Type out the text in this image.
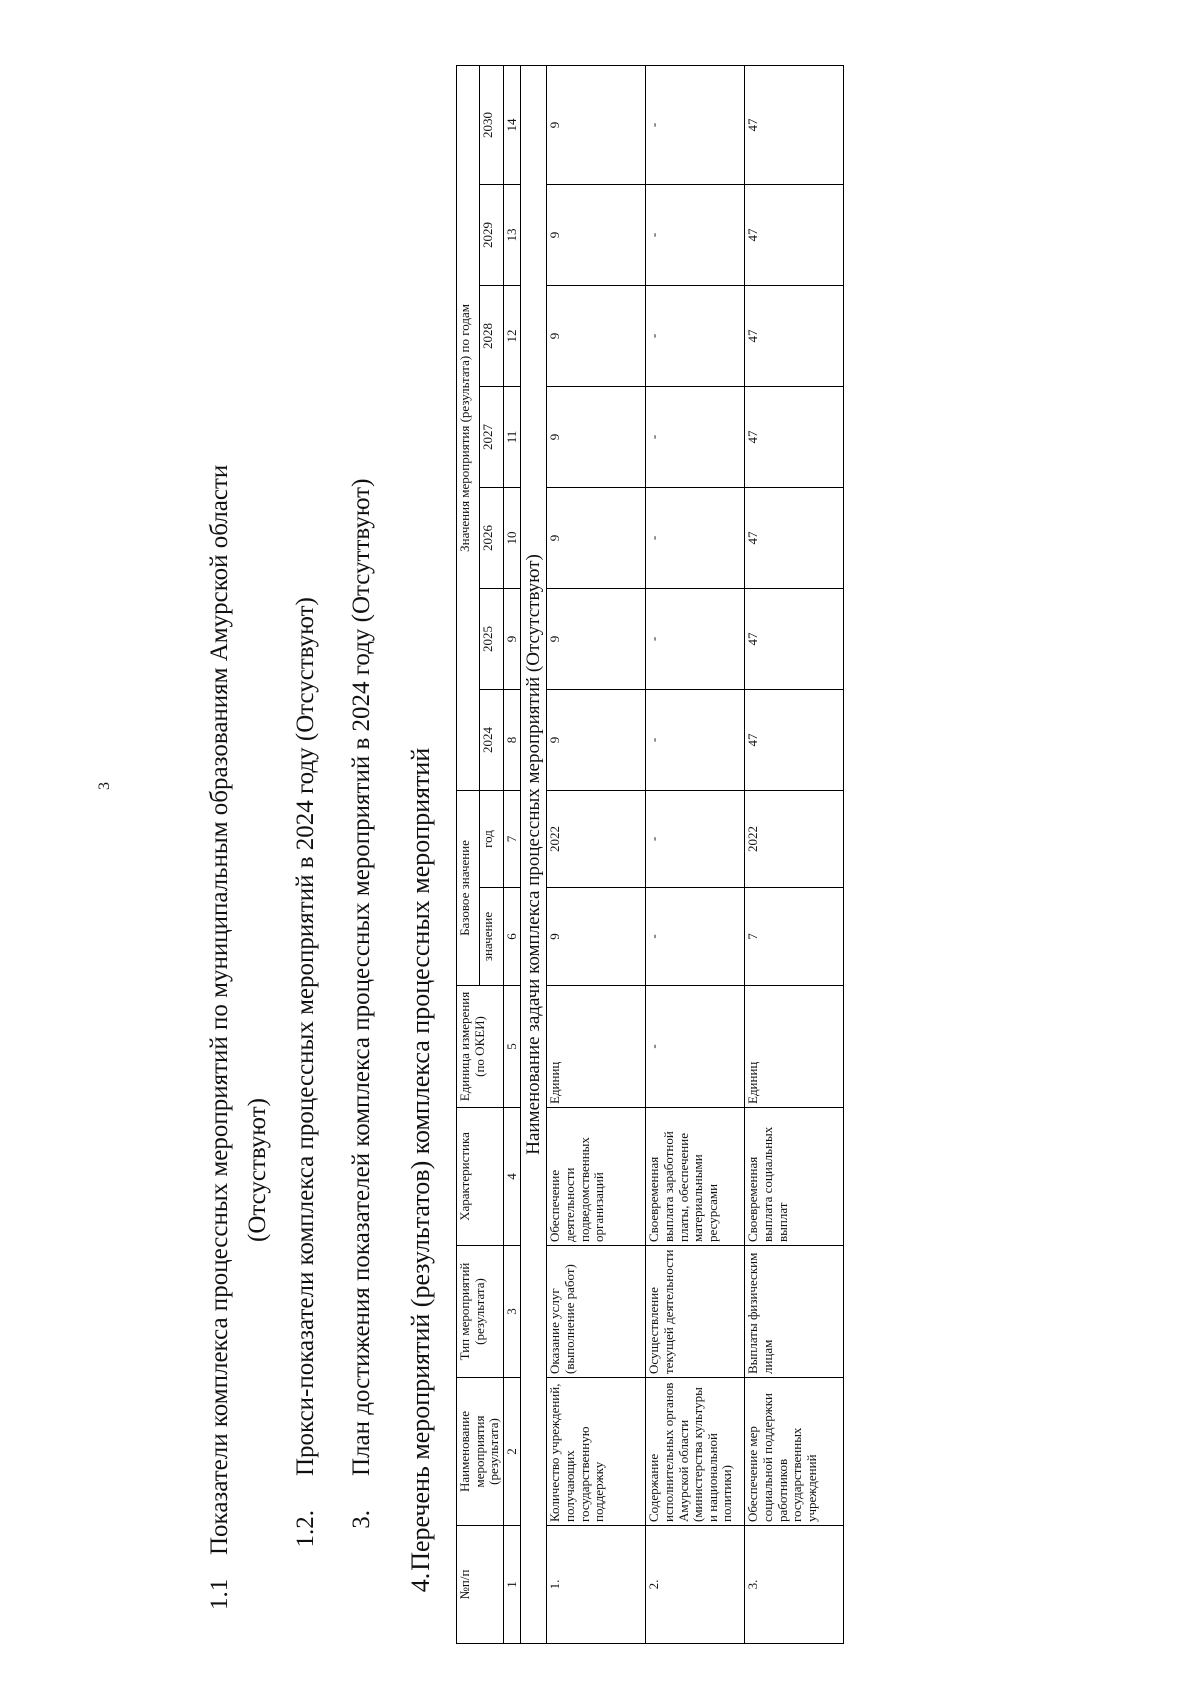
3
1.1Показатели комплекса процессных мероприятий по муниципальным образованиям Амурской области (Отсуствуют)
1.2.Прокси-показатели комплекса процессных мероприятий в 2024 году (Отсуствуют)
3.План достижения показателей комплекса процессных мероприятий в 2024 году (Отсуттвуют)
4.Перечень мероприятий (результатов) комплекса процессных мероприятий
№п/п	Наименование мероприятия (результата)	Тип мероприятий (результата)	Характеристика	Единица измерения (по ОКЕИ)	Базовое значение		Значения мероприятия (результата) по годам						
					значение	год	2024	2025	2026	2027	2028	2029	2030
1	2	3	4	5	6	7	8	9	10	11	12	13	14
Наименование задачи комплекса процессных мероприятий (Отсутствуют)													
1.	Количество учреждений, получающих государственную поддержку	Оказание услуг (выполнение работ)	Обеспечение деятельности подведомственных организаций	Единиц	9	2022	9	9	9	9	9	9	9
2.	Содержание исполнительных органов Амурской области (министерства культуры и национальной политики)	Осуществление текущей деятельности	Своевременная выплата заработной платы, обеспечение материальными ресурсами	-	-	-	-	-	-	-	-	-	-
3.	Обеспечение мер социальной поддержки работников государственных учреждений	Выплаты физическим лицам	Своевременная выплата социальных выплат	Единиц	7	2022	47	47	47	47	47	47	47
